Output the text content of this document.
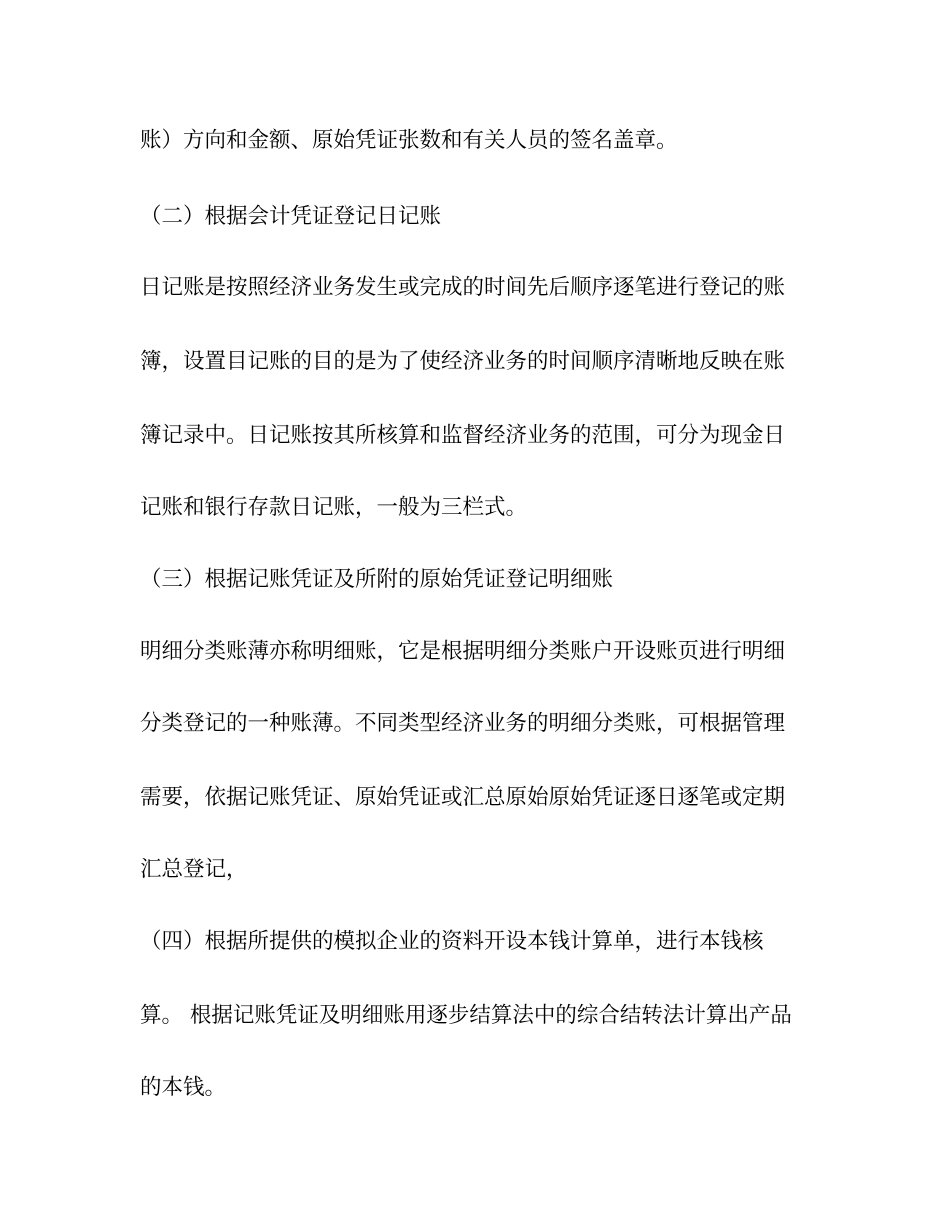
账）方向和金额、原始凭证张数和有关人员的签名盖章。
（二）根据会计凭证登记日记账
日记账是按照经济业务发生或完成的时间先后顺序逐笔进行登记的账
簿，设置目记账的目的是为了使经济业务的时间顺序清晰地反映在账
簿记录中。日记账按其所核算和监督经济业务的范围，可分为现金日
记账和银行存款日记账，一般为三栏式。
（三）根据记账凭证及所附的原始凭证登记明细账
明细分类账薄亦称明细账，它是根据明细分类账户开设账页进行明细
分类登记的一种账薄。不同类型经济业务的明细分类账，可根据管理
需要，依据记账凭证、原始凭证或汇总原始原始凭证逐日逐笔或定期
汇总登记，
（四）根据所提供的模拟企业的资料开设本钱计算单，进行本钱核
算。 根据记账凭证及明细账用逐步结算法中的综合结转法计算出产品
的本钱。
